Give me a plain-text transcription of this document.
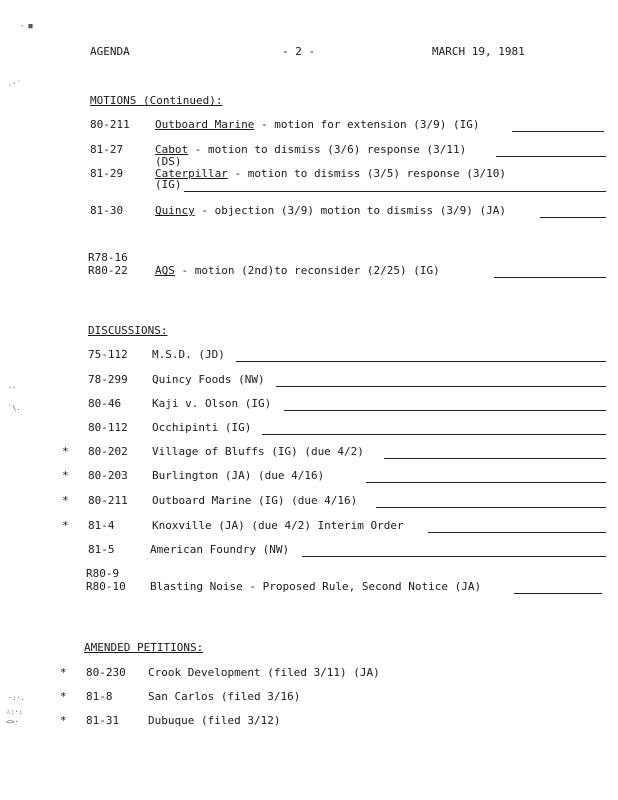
- ■
.·´
-·
`\.
·:·.
∴:·:
<>·
AGENDA	- 2 -	MARCH 19, 1981
MOTIONS (Continued):
80-211 Outboard Marine - motion for extension (3/9) (IG)
81-27	Cabot - motion to dismiss (3/6) response (3/11)
(DS)
81-29	Caterpillar - motion to dismiss (3/5) response (3/10)
(IG)
81-30	Quincy - objection (3/9) motion to dismiss (3/9) (JA)
R78-16
R80-22 AQS - motion (2nd)to reconsider (2/25) (IG)
DISCUSSIONS:
75-112 M.S.D. (JD)
78-299 Quincy Foods (NW)
80-46	Kaji v. Olson (IG)
80-112 Occhipinti (IG)
* 80-202 Village of Bluffs (IG) (due 4/2)
* 80-203 Burlington (JA) (due 4/16)
* 80-211 Outboard Marine (IG) (due 4/16)
* 81-4	Knoxville (JA) (due 4/2) Interim Order
81-5	American Foundry (NW)
R80-9
R80-10 Blasting Noise - Proposed Rule, Second Notice (JA)
AMENDED PETITIONS:
* 80-230 Crook Development (filed 3/11) (JA)
* 81-8	San Carlos (filed 3/16)
* 81-31	Dubuque (filed 3/12)
